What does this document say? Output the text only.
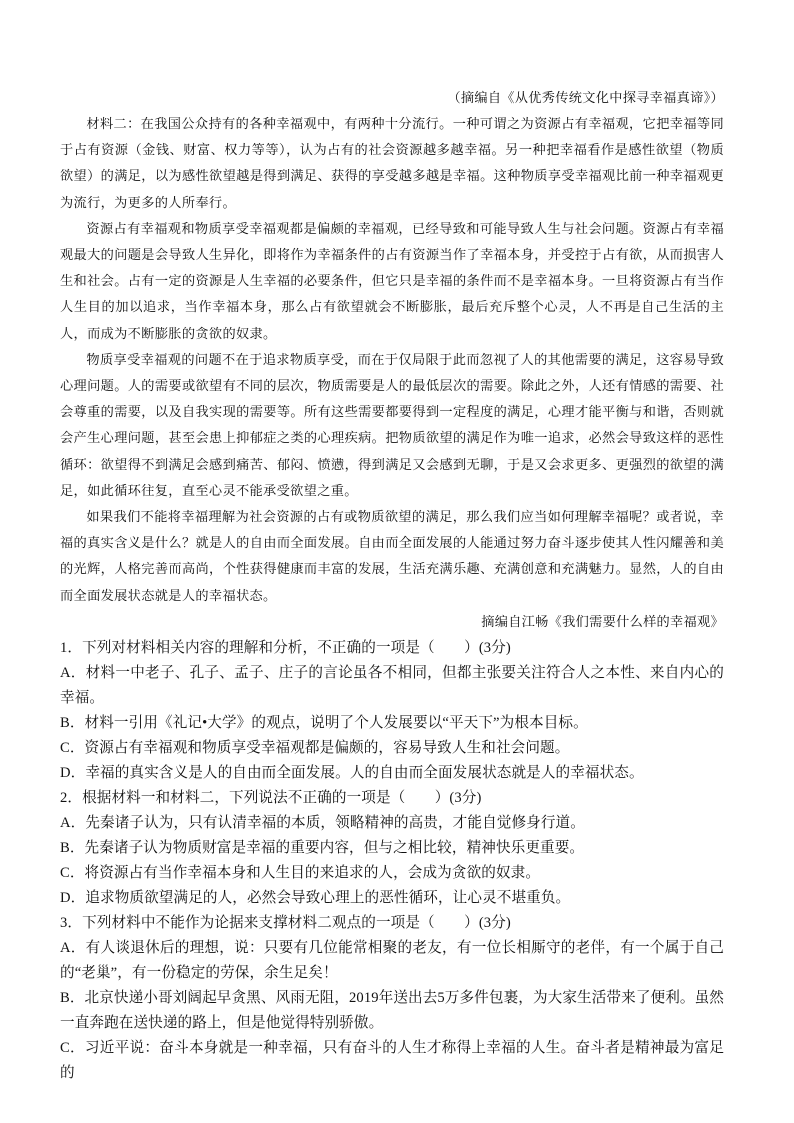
（摘编自《从优秀传统文化中探寻幸福真谛》）

材料二：在我国公众持有的各种幸福观中，有两种十分流行。一种可谓之为资源占有幸福观，它把幸福等同于占有资源（金钱、财富、权力等等），认为占有的社会资源越多越幸福。另一种把幸福看作是感性欲望（物质欲望）的满足，以为感性欲望越是得到满足、获得的享受越多越是幸福。这种物质享受幸福观比前一种幸福观更为流行，为更多的人所奉行。

资源占有幸福观和物质享受幸福观都是偏颇的幸福观，已经导致和可能导致人生与社会问题。资源占有幸福观最大的问题是会导致人生异化，即将作为幸福条件的占有资源当作了幸福本身，并受控于占有欲，从而损害人生和社会。占有一定的资源是人生幸福的必要条件，但它只是幸福的条件而不是幸福本身。一旦将资源占有当作人生目的加以追求，当作幸福本身，那么占有欲望就会不断膨胀，最后充斥整个心灵，人不再是自己生活的主人，而成为不断膨胀的贪欲的奴隶。

物质享受幸福观的问题不在于追求物质享受，而在于仅局限于此而忽视了人的其他需要的满足，这容易导致心理问题。人的需要或欲望有不同的层次，物质需要是人的最低层次的需要。除此之外，人还有情感的需要、社会尊重的需要，以及自我实现的需要等。所有这些需要都要得到一定程度的满足，心理才能平衡与和谐，否则就会产生心理问题，甚至会患上抑郁症之类的心理疾病。把物质欲望的满足作为唯一追求，必然会导致这样的恶性循环：欲望得不到满足会感到痛苦、郁闷、愤懑，得到满足又会感到无聊，于是又会求更多、更强烈的欲望的满足，如此循环往复，直至心灵不能承受欲望之重。

如果我们不能将幸福理解为社会资源的占有或物质欲望的满足，那么我们应当如何理解幸福呢？或者说，幸福的真实含义是什么？就是人的自由而全面发展。自由而全面发展的人能通过努力奋斗逐步使其人性闪耀善和美的光辉，人格完善而高尚，个性获得健康而丰富的发展，生活充满乐趣、充满创意和充满魅力。显然，人的自由而全面发展状态就是人的幸福状态。

摘编自江畅《我们需要什么样的幸福观》

1．下列对材料相关内容的理解和分析，不正确的一项是（　　）(3分)

A．材料一中老子、孔子、孟子、庄子的言论虽各不相同，但都主张要关注符合人之本性、来自内心的幸福。

B．材料一引用《礼记•大学》的观点，说明了个人发展要以“平天下”为根本目标。

C．资源占有幸福观和物质享受幸福观都是偏颇的，容易导致人生和社会问题。

D．幸福的真实含义是人的自由而全面发展。人的自由而全面发展状态就是人的幸福状态。

2．根据材料一和材料二，下列说法不正确的一项是（　　）(3分)

A．先秦诸子认为，只有认清幸福的本质，领略精神的高贵，才能自觉修身行道。

B．先秦诸子认为物质财富是幸福的重要内容，但与之相比较，精神快乐更重要。

C．将资源占有当作幸福本身和人生目的来追求的人，会成为贪欲的奴隶。

D．追求物质欲望满足的人，必然会导致心理上的恶性循环，让心灵不堪重负。

3．下列材料中不能作为论据来支撑材料二观点的一项是（　　）(3分)

A．有人谈退休后的理想，说：只要有几位能常相聚的老友，有一位长相厮守的老伴，有一个属于自己的“老巢”，有一份稳定的劳保，余生足矣！

B．北京快递小哥刘阔起早贪黑、风雨无阻，2019年送出去5万多件包裹，为大家生活带来了便利。虽然一直奔跑在送快递的路上，但是他觉得特别骄傲。

C．习近平说：奋斗本身就是一种幸福，只有奋斗的人生才称得上幸福的人生。奋斗者是精神最为富足的
